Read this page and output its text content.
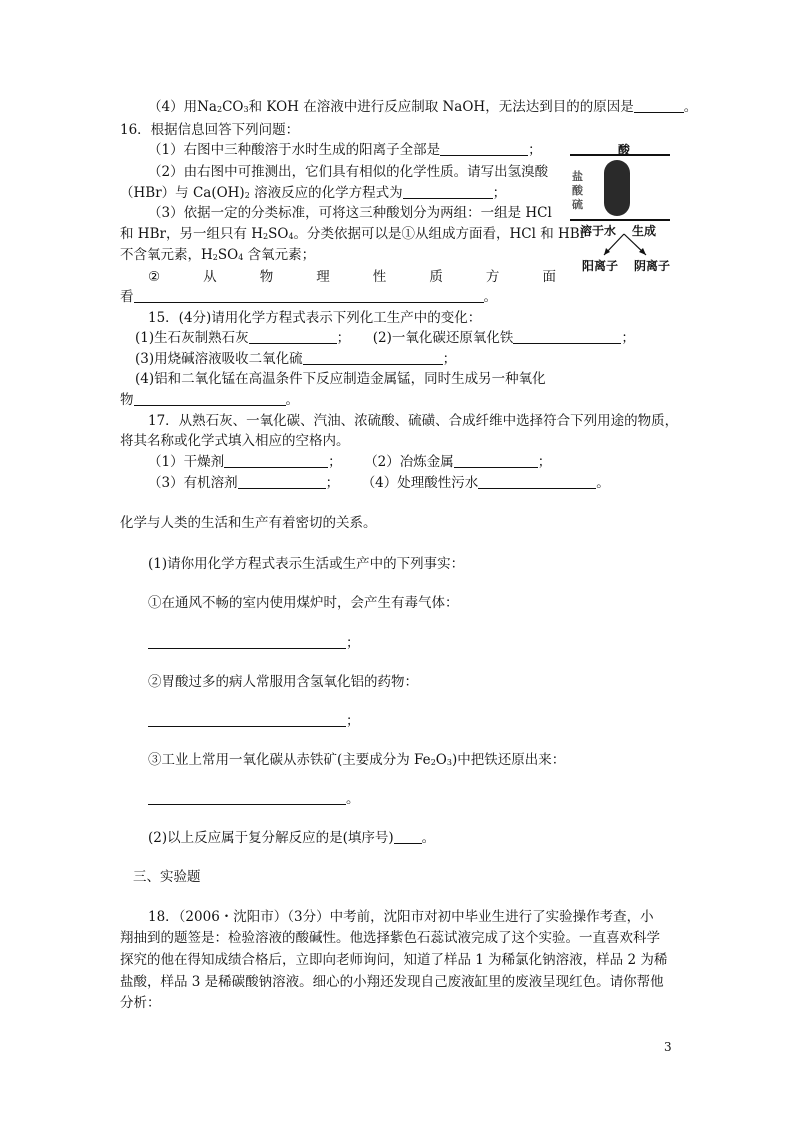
（4）用$Na_2CO_3$和 KOH 在溶液中进行反应制取 NaOH，无法达到目的的原因是	。
16．根据信息回答下列问题：
（1）右图中三种酸溶于水时生成的阳离子全部是	；
（2）由右图中可推测出，它们具有相似的化学性质。请写出氢溴酸
（HBr）与 $Ca(OH)_2$ 溶液反应的化学方程式为	；
（3）依据一定的分类标准，可将这三种酸划分为两组：一组是 HCl
和 HBr，另一组只有 $H_2SO_4$。分类依据可以是①从组成方面看，HCl 和 HBr
不含氧元素，$H_2SO_4$ 含氧元素；
②	从	物	理	性	质	方	面
看	。
酸
盐
酸
硫
溶于水 生成
阳离子 阴离子
15．(4分)请用化学方程式表示下列化工生产中的变化：
(1)生石灰制熟石灰	； (2)一氧化碳还原氧化铁	；
(3)用烧碱溶液吸收二氧化硫	；
(4)铝和二氧化锰在高温条件下反应制造金属锰，同时生成另一种氧化
物	。
17．从熟石灰、一氧化碳、汽油、浓硫酸、硫磺、合成纤维中选择符合下列用途的物质，
将其名称或化学式填入相应的空格内。
（1）干燥剂	； （2）冶炼金属	；
（3）有机溶剂	； （4）处理酸性污水	。
化学与人类的生活和生产有着密切的关系。
(1)请你用化学方程式表示生活或生产中的下列事实：
①在通风不畅的室内使用煤炉时，会产生有毒气体：
；
②胃酸过多的病人常服用含氢氧化铝的药物：
；
③工业上常用一氧化碳从赤铁矿(主要成分为 $Fe_2O_3$)中把铁还原出来：
。
(2)以上反应属于复分解反应的是(填序号) 。
三、实验题
18．（2006・沈阳市）（3分）中考前，沈阳市对初中毕业生进行了实验操作考查，小
翔抽到的题签是：检验溶液的酸碱性。他选择紫色石蕊试液完成了这个实验。一直喜欢科学
探究的他在得知成绩合格后，立即向老师询问，知道了样品 1 为稀氯化钠溶液，样品 2 为稀
盐酸，样品 3 是稀碳酸钠溶液。细心的小翔还发现自己废液缸里的废液呈现红色。请你帮他
分析：
3
